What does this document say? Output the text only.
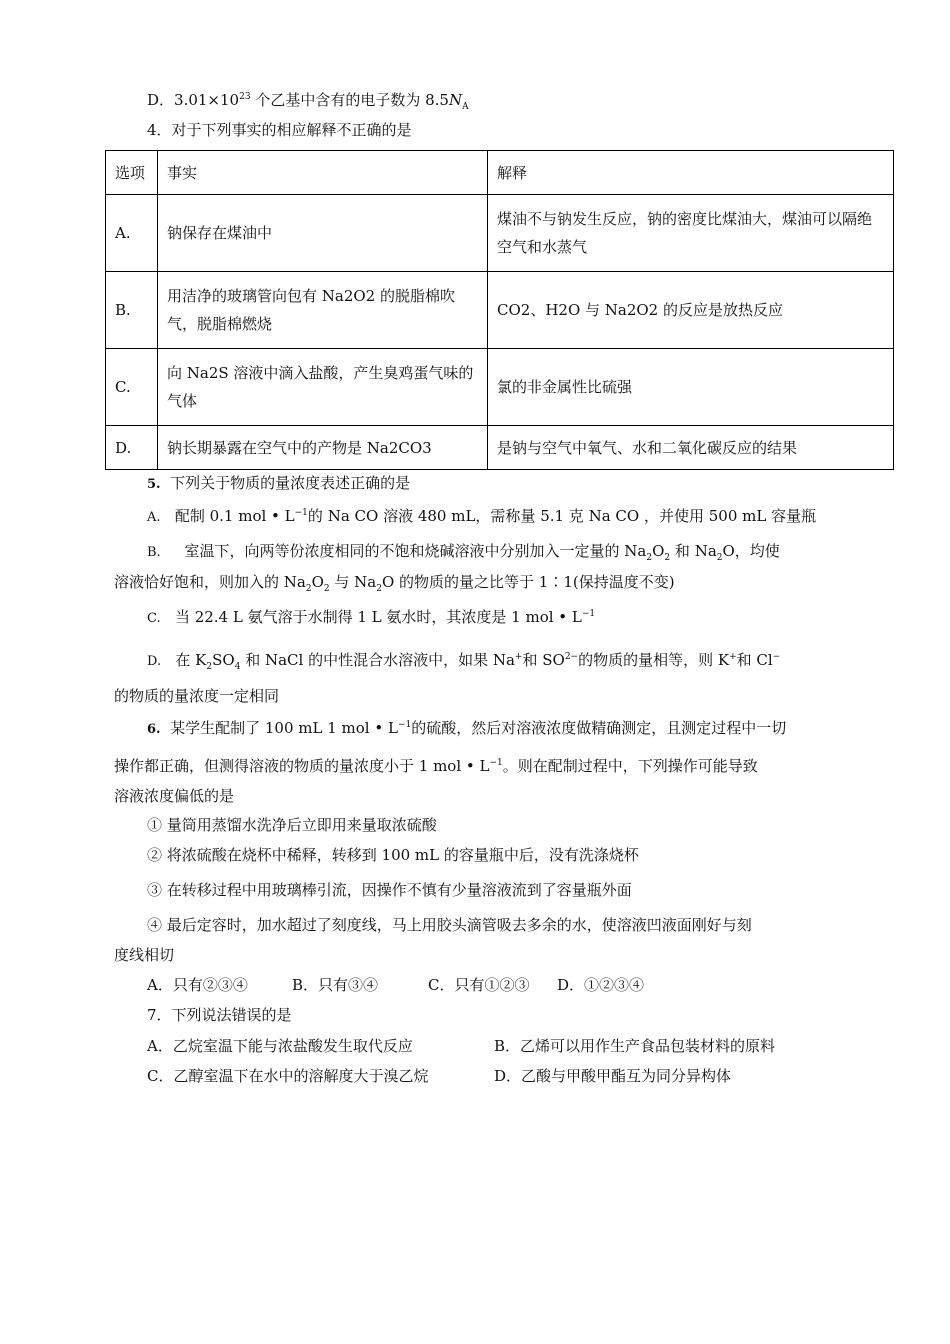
D．$3.01\times 10^{23}$ 个乙基中含有的电子数为 $8.5N_A$
4．对于下列事实的相应解释不正确的是
选项	事实	解释
A.	钠保存在煤油中	煤油不与钠发生反应，钠的密度比煤油大，煤油可以隔绝空气和水蒸气
B.	用洁净的玻璃管向包有 Na2O2 的脱脂棉吹气，脱脂棉燃烧	CO2、H2O 与 Na2O2 的反应是放热反应
C.	向 Na2S 溶液中滴入盐酸，产生臭鸡蛋气味的气体	氯的非金属性比硫强
D.	钠长期暴露在空气中的产物是 Na2CO3	是钠与空气中氧气、水和二氧化碳反应的结果
5. 下列关于物质的量浓度表述正确的是
A. 配制 0.1 mol • $L^{-1}$的 Na CO 溶液 480 mL，需称量 5.1 克 Na CO ，并使用 500 mL 容量瓶
B. 室温下，向两等份浓度相同的不饱和烧碱溶液中分别加入一定量的 $Na_2O_2$ 和 $Na_2O$，均使
溶液恰好饱和，则加入的 $Na_2O_2$ 与 $Na_2O$ 的物质的量之比等于 1∶1(保持温度不变)
C. 当 22.4 L 氨气溶于水制得 1 L 氨水时，其浓度是 1 mol • $L^{-1}$
D. 在 $K_2SO_4$ 和 NaCl 的中性混合水溶液中，如果 Na+和 $SO^{2-}$的物质的量相等，则 K+和 Cl−
的物质的量浓度一定相同
6. 某学生配制了 100 mL 1 mol • $L^{-1}$的硫酸，然后对溶液浓度做精确测定，且测定过程中一切
操作都正确，但测得溶液的物质的量浓度小于 1 mol • $L^{-1}$。则在配制过程中，下列操作可能导致
溶液浓度偏低的是
① 量筒用蒸馏水洗净后立即用来量取浓硫酸
② 将浓硫酸在烧杯中稀释，转移到 100 mL 的容量瓶中后，没有洗涤烧杯
③ 在转移过程中用玻璃棒引流，因操作不慎有少量溶液流到了容量瓶外面
④ 最后定容时，加水超过了刻度线，马上用胶头滴管吸去多余的水，使溶液凹液面刚好与刻
度线相切
A．只有②③④	B．只有③④	C．只有①②③ D．①②③④
7．下列说法错误的是
A．乙烷室温下能与浓盐酸发生取代反应	B．乙烯可以用作生产食品包装材料的原料
C．乙醇室温下在水中的溶解度大于溴乙烷	D．乙酸与甲酸甲酯互为同分异构体
